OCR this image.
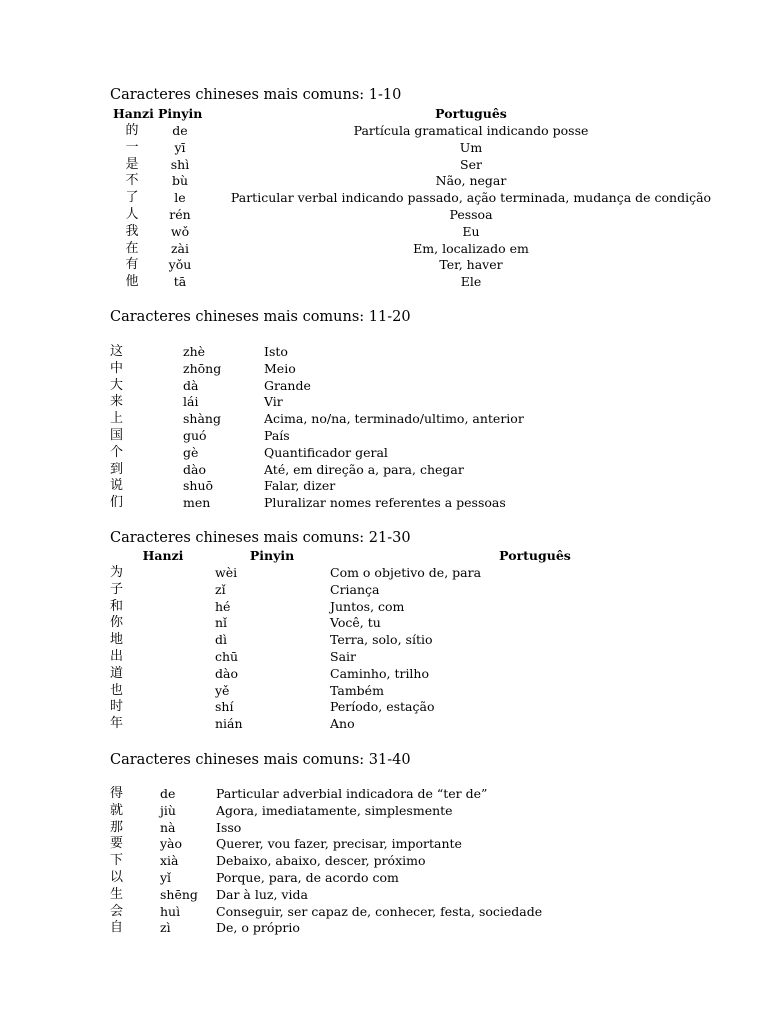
Caracteres chineses mais comuns: 1-10
Hanzi Pinyin	Português
的	de	Partícula gramatical indicando posse
一	yī	Um
是	shì	Ser
不	bù	Não, negar
了	le	Particular verbal indicando passado, ação terminada, mudança de condição
人 rén	Pessoa
我	wǒ	Eu
在	zài	Em, localizado em
有 yǒu	Ter, haver
他	tā	Ele
Caracteres chineses mais comuns: 11-20
这	zhè	Isto
中	zhōng	Meio
大	dà	Grande
来	lái	Vir
上	shàng	Acima, no/na, terminado/ultimo, anterior
国	guó	País
个	gè	Quantificador geral
到	dào	Até, em direção a, para, chegar
说	shuō	Falar, dizer
们	men	Pluralizar nomes referentes a pessoas
Caracteres chineses mais comuns: 21-30
Hanzi	Pinyin	Português
为	wèi	Com o objetivo de, para
子	zǐ	Criança
和	hé	Juntos, com
你	nǐ	Você, tu
地	dì	Terra, solo, sítio
出	chū	Sair
道	dào	Caminho, trilho
也	yě	Também
时	shí	Período, estação
年	nián	Ano
Caracteres chineses mais comuns: 31-40
得	de	Particular adverbial indicadora de “ter de”
就	jiù	Agora, imediatamente, simplesmente
那	nà	Isso
要	yào	Querer, vou fazer, precisar, importante
下	xià	Debaixo, abaixo, descer, próximo
以	yǐ	Porque, para, de acordo com
生	shēng Dar à luz, vida
会	huì	Conseguir, ser capaz de, conhecer, festa, sociedade
自	zì	De, o próprio
